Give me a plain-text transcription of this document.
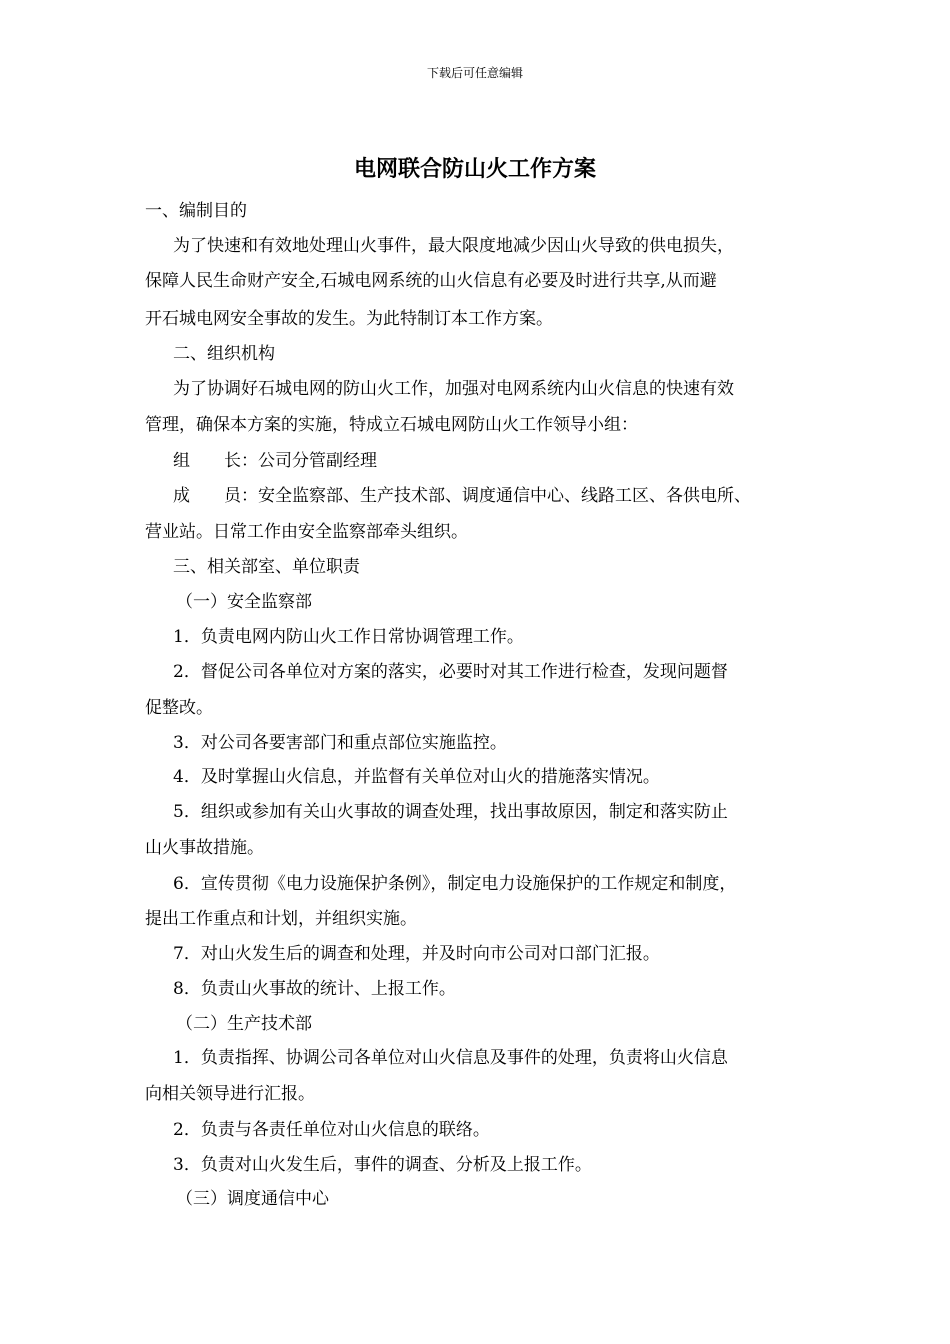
下载后可任意编辑
电网联合防山火工作方案
一、编制目的
为了快速和有效地处理山火事件，最大限度地减少因山火导致的供电损失，
保障人民生命财产安全,石城电网系统的山火信息有必要及时进行共享,从而避
开石城电网安全事故的发生。为此特制订本工作方案。
二、组织机构
为了协调好石城电网的防山火工作，加强对电网系统内山火信息的快速有效
管理，确保本方案的实施，特成立石城电网防山火工作领导小组：
组　　长：公司分管副经理
成　　员：安全监察部、生产技术部、调度通信中心、线路工区、各供电所、
营业站。日常工作由安全监察部牵头组织。
三、相关部室、单位职责
（一）安全监察部
1．负责电网内防山火工作日常协调管理工作。
2．督促公司各单位对方案的落实，必要时对其工作进行检查，发现问题督
促整改。
3．对公司各要害部门和重点部位实施监控。
4．及时掌握山火信息，并监督有关单位对山火的措施落实情况。
5．组织或参加有关山火事故的调查处理，找出事故原因，制定和落实防止
山火事故措施。
6．宣传贯彻《电力设施保护条例》，制定电力设施保护的工作规定和制度，
提出工作重点和计划，并组织实施。
7．对山火发生后的调查和处理，并及时向市公司对口部门汇报。
8．负责山火事故的统计、上报工作。
（二）生产技术部
1．负责指挥、协调公司各单位对山火信息及事件的处理，负责将山火信息
向相关领导进行汇报。
2．负责与各责任单位对山火信息的联络。
3．负责对山火发生后，事件的调查、分析及上报工作。
（三）调度通信中心
